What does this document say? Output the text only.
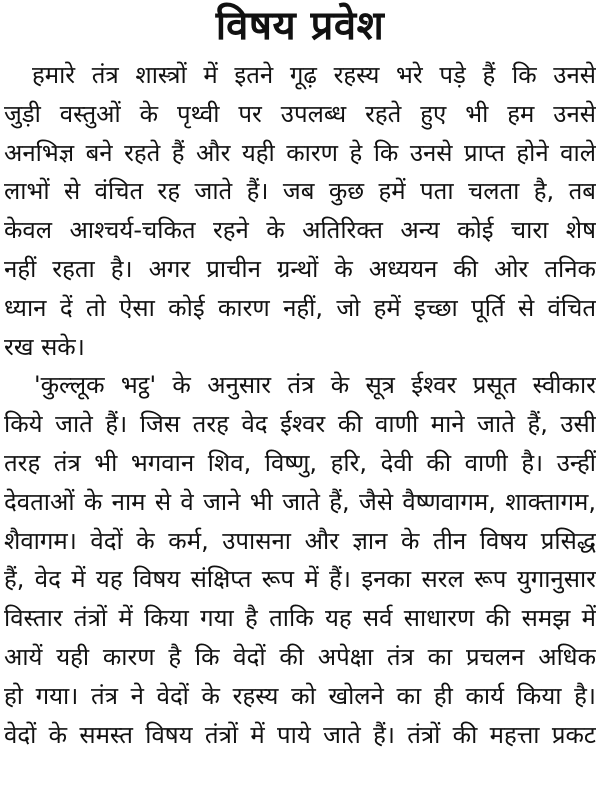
विषय प्रवेश
हमारे तंत्र शास्त्रों में इतने गूढ़ रहस्य भरे पड़े हैं कि उनसे
जुड़ी वस्तुओं के पृथ्वी पर उपलब्ध रहते हुए भी हम उनसे
अनभिज्ञ बने रहते हैं और यही कारण हे कि उनसे प्राप्त होने वाले
लाभों से वंचित रह जाते हैं। जब कुछ हमें पता चलता है, तब
केवल आश्चर्य-चकित रहने के अतिरिक्त अन्य कोई चारा शेष
नहीं रहता है। अगर प्राचीन ग्रन्थों के अध्ययन की ओर तनिक
ध्यान दें तो ऐसा कोई कारण नहीं, जो हमें इच्छा पूर्ति से वंचित
रख सके।
'कुल्लूक भट्ठ' के अनुसार तंत्र के सूत्र ईश्वर प्रसूत स्वीकार
किये जाते हैं। जिस तरह वेद ईश्वर की वाणी माने जाते हैं, उसी
तरह तंत्र भी भगवान शिव, विष्णु, हरि, देवी की वाणी है। उन्हीं
देवताओं के नाम से वे जाने भी जाते हैं, जैसे वैष्णवागम, शाक्तागम,
शैवागम। वेदों के कर्म, उपासना और ज्ञान के तीन विषय प्रसिद्ध
हैं, वेद में यह विषय संक्षिप्त रूप में हैं। इनका सरल रूप युगानुसार
विस्तार तंत्रों में किया गया है ताकि यह सर्व साधारण की समझ में
आयें यही कारण है कि वेदों की अपेक्षा तंत्र का प्रचलन अधिक
हो गया। तंत्र ने वेदों के रहस्य को खोलने का ही कार्य किया है।
वेदों के समस्त विषय तंत्रों में पाये जाते हैं। तंत्रों की महत्ता प्रकट
